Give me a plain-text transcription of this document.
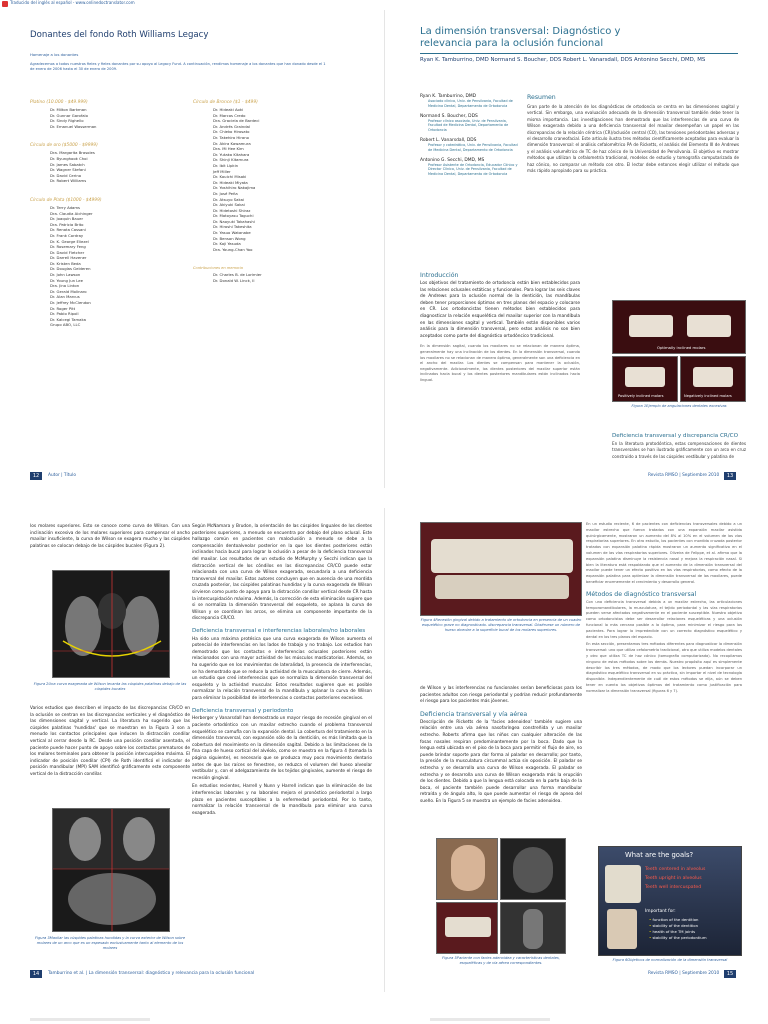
Traducido del inglés al español - www.onlinedoctranslator.com
Donantes del fondo Roth Williams Legacy
Homenaje a los donantes
Agradecemos a todos nuestros fieles y fieles donantes por su apoyo al Legacy Fund. A continuación, rendimos homenaje a los donantes que han donado desde el 1 de enero de 2006 hasta el 30 de enero de 2009.
Platino (10.000 - $49.999)
Dr. Milton Barkman
Dr. Gunnar Garofalo
Dr. Sindy Righello
Dr. Emanuel Wasserman
Círculo de oro ($5000 - $9999)
Dra. Margarita Brasoles
Dr. Byunghook Choi
Dr. James Sabatch
Dr. Wagner Stefani
Dr. David Cerino
Dr. Robert Williams
Círculo de Plata ($1000 - $4999)
Dr. Terry Adams
Dra. Claudia Aichinger
Dr. Joaquín Bauer
Dra. Patricia Brito
Dr. Renata Cassani
Dr. Frank Cordray
Dr. K. George Eliezel
Dr. Rosemary Feng
Dr. David Fletcher
Dr. Darrell Havener
Dr. Kristen Beda
Dr. Douglas Gelderen
Dr. John Lawson
Dr. Young Jun Lee
Dra. Jina Linton
Dr. Gerald Molinaro
Dr. Alan Marcus
Dr. Jeffrey McClendon
Dr. Roger Pitt
Dr. Pablo Ripoll
Dr. Kalcegi Tamaka
Grupo ABO, LLC
Círculo de Bronce ($1 - $499)
Dr. Hideaki Aoki
Dr. Marcos Credo
Dra. Graciela de Bardeci
Dr. Andrés Graindal
Dr. Chieko Hirosato
Dr. Takehiro Hirano
Dr. Akira Kawamura
Dra. Mi Hee Kim
Dr. Yutaka Kitahara
Dr. Shinji Kitamura
Dr. Ibit Lipkin
Jeff Miller
Dr. Kouichi Misaki
Dr. Hideaki Miyata
Dr. Yoshihiro Nakajima
Dr. José Peña
Dr. Atsuyo Sakai
Dr. Akiyuki Sakai
Dr. Hidetoshi Shiraz
Dr. Motoyasu Taguchi
Dr. Naoyuki Takahashi
Dr. Hiroshi Takeshita
Dr. Yasuo Watanabe
Dr. Benson Wong
Dr. Koji Yasuda
Dra. Young-Chan Yoo
Contribuciones en memoria
Dr. Charles B. de Lorimier
Dr. Donald W. Linck, II
12	Autor | Título
La dimensión transversal: Diagnóstico y relevancia para la oclusión funcional
Ryan K. Tamburrino, DMD Normand S. Boucher, DDS Robert L. Vanarsdall, DDS Antonino Secchi, DMD, MS
Ryan K. Tamburrino, DMD
Asociado clínico, Univ. de Pensilvania, Facultad de Medicina Dental, Departamento de Ortodoncia
Normand S. Boucher, DDS
Profesor clínico asociado, Univ. de Pensilvania, Facultad de Medicina Dental, Departamento de Ortodoncia
Robert L. Vanarsdall, DDS
Profesor y catedrático, Univ. de Pensilvania, Facultad de Medicina Dental, Departamento de Ortodoncia
Antonino G. Secchi, DMD, MS
Profesor Asistente de Ortodoncia, Educador Clínico y Director Clínico, Univ. de Pensilvania, Facultad de Medicina Dental, Departamento de Ortodoncia
Resumen
Gran parte de la atención de los diagnósticos de ortodoncia se centra en las dimensiones sagital y vertical. Sin embargo, una evaluación adecuada de la dimensión transversal también debe tener la misma importancia. Las investigaciones han demostrado que las interferencias de una curva de Wilson exagerada debido a una deficiencia transversal del maxilar desempeñan un papel en las discrepancias de la relación céntrica (CR)/oclusión central (CO), las tensiones periodontales adversas y el desarrollo craneofacial. Este artículo ilustra tres métodos científicamente aceptados para evaluar la dimensión transversal: el análisis cefalométrico PA de Ricketts, el análisis del Elemento III de Andrews y el análisis volumétrico de TC de haz cónico de la Universidad de Pensilvania. El objetivo es mostrar métodos que utilizan la cefalometría tradicional, modelos de estudio y tomografía computarizada de haz cónico, no comparar un método con otro. El lector debe entonces elegir utilizar el método que más rápido apropiado para su práctica.
Introducción
Los objetivos del tratamiento de ortodoncia están bien establecidos para las relaciones oclusales estáticas y funcionales. Para lograr las seis claves de Andrews para la oclusión normal de la dentición, las mandíbulas deben tener proporciones óptimas en tres planos del espacio y colocarse en CR. Los ortodoncistas tienen métodos bien establecidos para diagnosticar la relación esquelética del maxilar superior con la mandíbula en las dimensiones sagital y vertical. También están disponibles varios análisis para la dimensión transversal, pero estos análisis no son bien aceptados como parte del diagnóstico ortodóncico tradicional.
En la dimensión sagital, cuando los maxilares no se relacionan de manera óptima, generalmente hay una inclinación de los dientes. En la dimensión transversal, cuando los maxilares no se relacionan de manera óptima, generalmente son una deficiencia en el ancho del maxilar. Los dientes se compensan para mantener la oclusión, negativamente. Adicionalmente, los dientes posteriores del maxilar superior están inclinados hacia bucal y los dientes posteriores mandibulares están inclinados hacia lingual.
Optimally inclined molars
Positively inclined molars	Negatively inclined molars
Figura 1Ejemplo de angulaciones dentales excesivas
Deficiencia transversal y discrepancia CR/CO
En la literatura protodóntica, estas compensaciones de dientes transversales se han ilustrado gráficamente con un arco en cruz construido a través de las cúspides vestibular y palatina de
Revista RMSO | Septiembre 2010	13
los molares superiores. Esto se conoce como curva de Wilson. Con una inclinación excesiva de los molares superiores para compensar el ancho maxilar insuficiente, la curva de Wilson se exagera mucho y las cúspides palatinas se colocan debajo de las cúspides bucales (Figura 2).
Figura 2Una curva exagerada de Wilson levanta las cúspides palatinas debajo de las cúspides bucales
Varios estudios que describen el impacto de las discrepancias CR/CO en la oclusión se centran en las discrepancias verticales y el diagnóstico de las dimensiones sagital y vertical. La literatura ha sugerido que las cúspides palatinas 'hundidas' que se muestran en la Figura 3 son a menudo los contactos principales que inducen la distracción condilar vertical al cerrar desde la RC. Desde una posición condilar asentada, el paciente puede hacer punto de apoyo sobre los contactos prematuros de los molares terminales para obtener la posición intercuspídea máxima. El indicador de posición condilar (CPI) de Roth identificó el indicador de posición mandibular (MPI) SAM identificó gráficamente este componente vertical de la distracción condilar.
Figura 3Maxilar las cúspides palatinas hundidas y la curva exterior de Wilson sobre molares de un arco que es un espesado exclusivamente tanto al elemento de los molares
Según McNamara y Brudon, la orientación de las cúspides linguales de los dientes posteriores superiores, a menudo se encuentra por debajo del plano oclusal. Este hallazgo común en pacientes con maloclusión a menudo se debe a la compensación dentoalveolar posterior en la que los dientes posteriores están inclinados hacia bucal para lograr la oclusión a pesar de la deficiencia transversal del maxilar. Los resultados de un estudio de McMurphy y Secchi indican que la distracción vertical de los cóndilos en las discrepancias CR/CO puede estar relacionada con una curva de Wilson exagerada, secundaria a una deficiencia transversal del maxilar. Estos autores concluyen que en ausencia de una mordida cruzada posterior, las cúspides palatinas hundidas y la curva exagerada de Wilson sirvieron como punto de apoyo para la distracción condilar vertical desde CR hasta la intercuspidación máxima. Además, la corrección de esta eliminación sugiere que si se normaliza la dimensión transversal del esqueleto, se aplana la curva de Wilson y se coordinan los arcos, se elimina un componente importante de la discrepancia CR/CO.
Deficiencia transversal e interferencias laborales/no laborales
Ha sido una máxima protésica que una curva exagerada de Wilson aumenta el potencial de interferencias en los lados de trabajo y no trabajo. Los estudios han demostrado que los contactos e interferencias oclusales posteriores están relacionados con una mayor actividad de los músculos masticatorios. Además, se ha sugerido que en los movimientos de lateralidad, la presencia de interferencias, se ha demostrado que se reduce la actividad de la musculatura de cierre. Además, un estudio que creó interferencias que se normaliza la dimensión transversal del esqueleto y la actividad muscular. Estos resultados sugieren que es posible normalizar la relación transversal de la mandíbula y aplanar la curva de Wilson para eliminar la posibilidad de interferencias o contactos posteriores excesivos.
Deficiencia transversal y periodonto
Herberger y Vanarsdall han demostrado un mayor riesgo de recesión gingival en el paciente ortodóntico con un maxilar estrecho cuando el problema transversal esquelético se camufla con la expansión dental. La cobertura del tratamiento en la dimensión transversal, con expansión sólo de la dentición, es más limitada que la cobertura del movimiento en la dimensión sagital. Debido a las limitaciones de la fina capa de hueso cortical del alvéolo, como se muestra en la figura 4 (tomada la página siguiente), es necesario que se produzca muy poco movimiento dentario antes de que las raíces se fenestren, se reduzca el volumen del hueso alveolar vestibular y, con el adelgazamiento de los tejidos gingivales, aumente el riesgo de recesión gingival.
En estudios recientes, Harrell y Nunn y Harrell indican que la eliminación de las interferencias laborales y no laborales mejora el pronóstico periodontal a largo plazo en pacientes susceptibles a la enfermedad periodontal. Por lo tanto, normalizar la relación transversal de la mandíbula para eliminar una curva exagerada.
14	Tamburrino et al. | La dimensión transversal: diagnóstico y relevancia para la oclusión funcional
Figura 4Recesión gingival debido a tratamiento de ortodoncia en presencia de un cuadro esquelético grave no diagnosticado. discrepancia transversal. Obsérvese un número de hueso alveolar a la superficie bucal de los molares superiores.
de Wilson y las interferencias no funcionales serían beneficiosas para los pacientes adultos con riesgo periodontal y podrían reducir profundamente el riesgo para los pacientes más jóvenes.
Deficiencia transversal y vía aérea
Descripción de Ricketts de la 'facies adenoidea' también sugiere una relación entre una vía aérea nasofaríngea constreñida y un maxilar estrecho. Roberts afirma que los niños con cualquier alteración de las fosas nasales respiran predominantemente por la boca. Dado que la lengua está ubicada en el piso de la boca para permitir el flujo de aire, no puede brindar soporte para dar forma al paladar en desarrollo; por tanto, la presión de la musculatura circummal actúa sin oposición. El paladar se estrecha y se desarrolla una curva de Wilson exagerada. El paladar se estrecha y se desarrolla una curva de Wilson exagerada más la erupción de los dientes. Debido a que la lengua está colocada en la parte baja de la boca, el paciente también puede desarrollar una forma mandibular retraída y de ángulo alto, lo que puede aumentar el riesgo de apnea del sueño. En la Figura 5 se muestra un ejemplo de facies adenoidea.
Figura 5Paciente con facies adenoidea y características dentales, esqueléticas y de vía aérea correspondientes.
En un estudio reciente, 6 de pacientes con deficiencias transversales debido a un maxilar estrecho que fueron tratados con una expansión maxilar asistida quirúrgicamente, mostraron un aumento del 8% al 10% en el volumen de las vías respiratorias superiores. En otro estudio, los pacientes con mordida cruzada posterior tratados con expansión palatina rápida mostraron un aumento significativo en el volumen de las vías respiratorias superiores. Oliveira de Felippe, et al. afirma que la expansión palatina disminuye la resistencia nasal y mejora la respiración nasal. Si bien la literatura está respaldando que el aumento de la dimensión transversal del maxilar puede tener un efecto positivo en las vías respiratorias, como efecto de la expansión palatina para optimizar la dimensión transversal de los maxilares, puede beneficiar enormemente el crecimiento y desarrollo general.
Métodos de diagnóstico transversal
Con una deficiencia transversal debida a un maxilar estrecho, las articulaciones temporomandibulares, la musculatura, el tejido periodontal y las vías respiratorias pueden verse afectados negativamente en el paciente susceptible. Nuestro objetivo como ortodoncistas debe ser desarrollar relaciones esqueléticas y una oclusión funcional lo más cercana posible a la óptima, para minimizar el riesgo para los pacientes. Para lograr lo impredecible con un correcto diagnóstico esquelético y dental en los tres planos del espacio.
En esta sección, presentamos tres métodos diferentes para diagnosticar la dimensión transversal: uno que utiliza cefalometría tradicional, otro que utiliza modelos dentales y otro que utiliza TC de haz cónico (tomografía computarizada). No recopilamos ninguno de estos métodos sobre los demás. Nuestro propósito aquí es simplemente describir los tres métodos, de modo que los lectores puedan incorporar un diagnóstico esquelético transversal en su práctica, sin importar el nivel de tecnología disponible. Independientemente de cuál de estos métodos se elija, aún se deben tener en cuenta los objetivos óptimos del tratamiento como justificación para normalizar la dimensión transversal (figuras 6 y 7).
What are the goals?
Teeth centered in alveolus
Teeth upright in alveolus
Teeth well intercuspated
Important for:
• function of the dentition
• stability of the dentition
• health of the TM joints
• stability of the periodontium
Figura 6Objetivos de normalización de la dimensión transversal
Revista RMSO | Septiembre 2010	15
